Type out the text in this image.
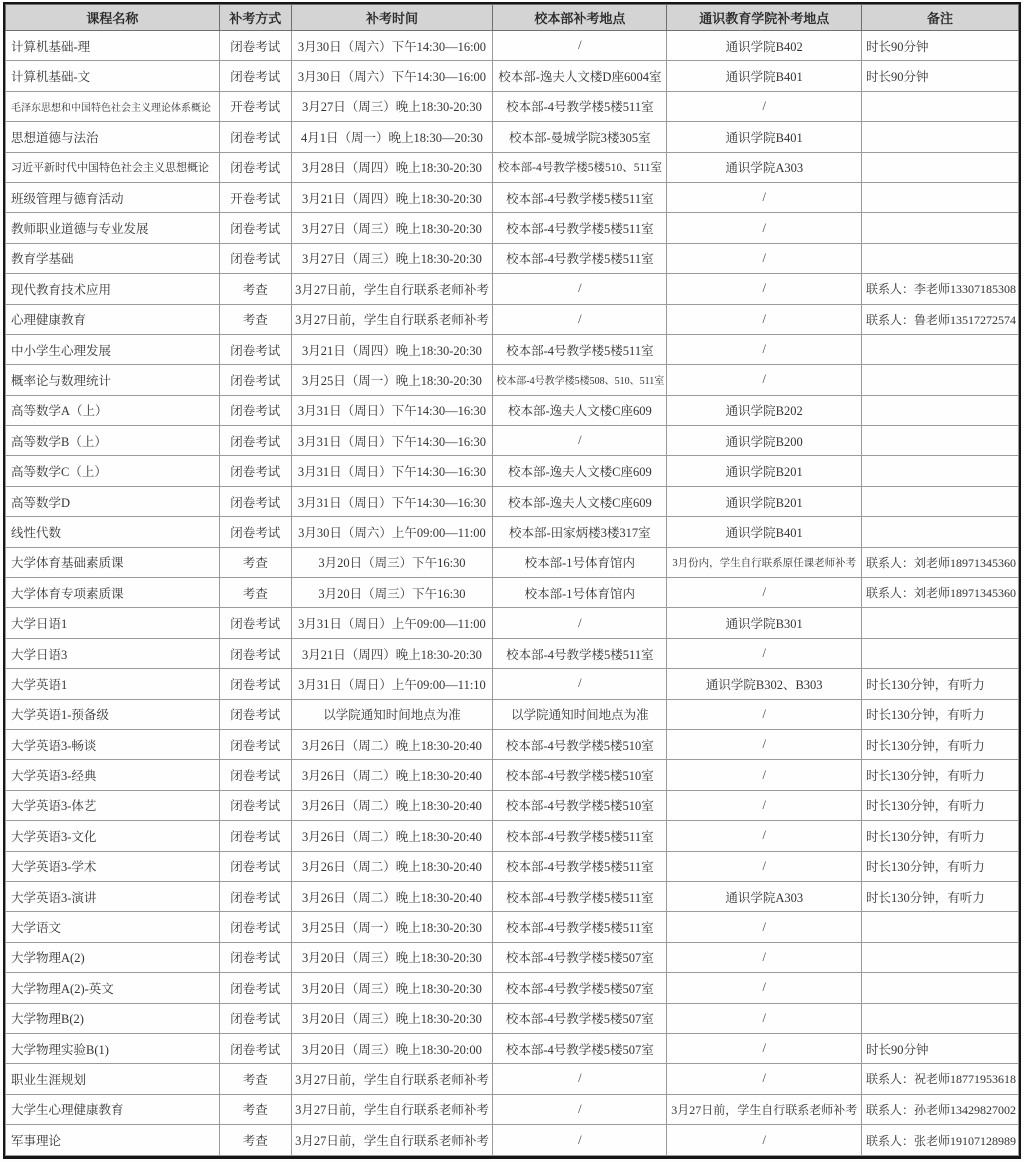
课程名称	补考方式	补考时间	校本部补考地点	通识教育学院补考地点	备注
计算机基础-理	闭卷考试	3月30日（周六）下午14:30—16:00	/	通识学院B402	时长90分钟
计算机基础-文	闭卷考试	3月30日（周六）下午14:30—16:00	校本部-逸夫人文楼D座6004室	通识学院B401	时长90分钟
毛泽东思想和中国特色社会主义理论体系概论	开卷考试	3月27日（周三）晚上18:30-20:30	校本部-4号教学楼5楼511室	/	
思想道德与法治	闭卷考试	4月1日（周一）晚上18:30—20:30	校本部-曼城学院3楼305室	通识学院B401	
习近平新时代中国特色社会主义思想概论	闭卷考试	3月28日（周四）晚上18:30-20:30	校本部-4号教学楼5楼510、511室	通识学院A303	
班级管理与德育活动	开卷考试	3月21日（周四）晚上18:30-20:30	校本部-4号教学楼5楼511室	/	
教师职业道德与专业发展	闭卷考试	3月27日（周三）晚上18:30-20:30	校本部-4号教学楼5楼511室	/	
教育学基础	闭卷考试	3月27日（周三）晚上18:30-20:30	校本部-4号教学楼5楼511室	/	
现代教育技术应用	考查	3月27日前，学生自行联系老师补考	/	/	联系人：李老师13307185308
心理健康教育	考查	3月27日前，学生自行联系老师补考	/	/	联系人：鲁老师13517272574
中小学生心理发展	闭卷考试	3月21日（周四）晚上18:30-20:30	校本部-4号教学楼5楼511室	/	
概率论与数理统计	闭卷考试	3月25日（周一）晚上18:30-20:30	校本部-4号教学楼5楼508、510、511室	/	
高等数学A（上）	闭卷考试	3月31日（周日）下午14:30—16:30	校本部-逸夫人文楼C座609	通识学院B202	
高等数学B（上）	闭卷考试	3月31日（周日）下午14:30—16:30	/	通识学院B200	
高等数学C（上）	闭卷考试	3月31日（周日）下午14:30—16:30	校本部-逸夫人文楼C座609	通识学院B201	
高等数学D	闭卷考试	3月31日（周日）下午14:30—16:30	校本部-逸夫人文楼C座609	通识学院B201	
线性代数	闭卷考试	3月30日（周六）上午09:00—11:00	校本部-田家炳楼3楼317室	通识学院B401	
大学体育基础素质课	考查	3月20日（周三）下午16:30	校本部-1号体育馆内	3月份内，学生自行联系原任课老师补考	联系人：刘老师18971345360
大学体育专项素质课	考查	3月20日（周三）下午16:30	校本部-1号体育馆内	/	联系人：刘老师18971345360
大学日语1	闭卷考试	3月31日（周日）上午09:00—11:00	/	通识学院B301	
大学日语3	闭卷考试	3月21日（周四）晚上18:30-20:30	校本部-4号教学楼5楼511室	/	
大学英语1	闭卷考试	3月31日（周日）上午09:00—11:10	/	通识学院B302、B303	时长130分钟，有听力
大学英语1-预备级	闭卷考试	以学院通知时间地点为准	以学院通知时间地点为准	/	时长130分钟，有听力
大学英语3-畅谈	闭卷考试	3月26日（周二）晚上18:30-20:40	校本部-4号教学楼5楼510室	/	时长130分钟，有听力
大学英语3-经典	闭卷考试	3月26日（周二）晚上18:30-20:40	校本部-4号教学楼5楼510室	/	时长130分钟，有听力
大学英语3-体艺	闭卷考试	3月26日（周二）晚上18:30-20:40	校本部-4号教学楼5楼510室	/	时长130分钟，有听力
大学英语3-文化	闭卷考试	3月26日（周二）晚上18:30-20:40	校本部-4号教学楼5楼511室	/	时长130分钟，有听力
大学英语3-学术	闭卷考试	3月26日（周二）晚上18:30-20:40	校本部-4号教学楼5楼511室	/	时长130分钟，有听力
大学英语3-演讲	闭卷考试	3月26日（周二）晚上18:30-20:40	校本部-4号教学楼5楼511室	通识学院A303	时长130分钟，有听力
大学语文	闭卷考试	3月25日（周一）晚上18:30-20:30	校本部-4号教学楼5楼511室	/	
大学物理A(2)	闭卷考试	3月20日（周三）晚上18:30-20:30	校本部-4号教学楼5楼507室	/	
大学物理A(2)-英文	闭卷考试	3月20日（周三）晚上18:30-20:30	校本部-4号教学楼5楼507室	/	
大学物理B(2)	闭卷考试	3月20日（周三）晚上18:30-20:30	校本部-4号教学楼5楼507室	/	
大学物理实验B(1)	闭卷考试	3月20日（周三）晚上18:30-20:00	校本部-4号教学楼5楼507室	/	时长90分钟
职业生涯规划	考查	3月27日前，学生自行联系老师补考	/	/	联系人：祝老师18771953618
大学生心理健康教育	考查	3月27日前，学生自行联系老师补考	/	3月27日前，学生自行联系老师补考	联系人：孙老师13429827002
军事理论	考查	3月27日前，学生自行联系老师补考	/	/	联系人：张老师19107128989
